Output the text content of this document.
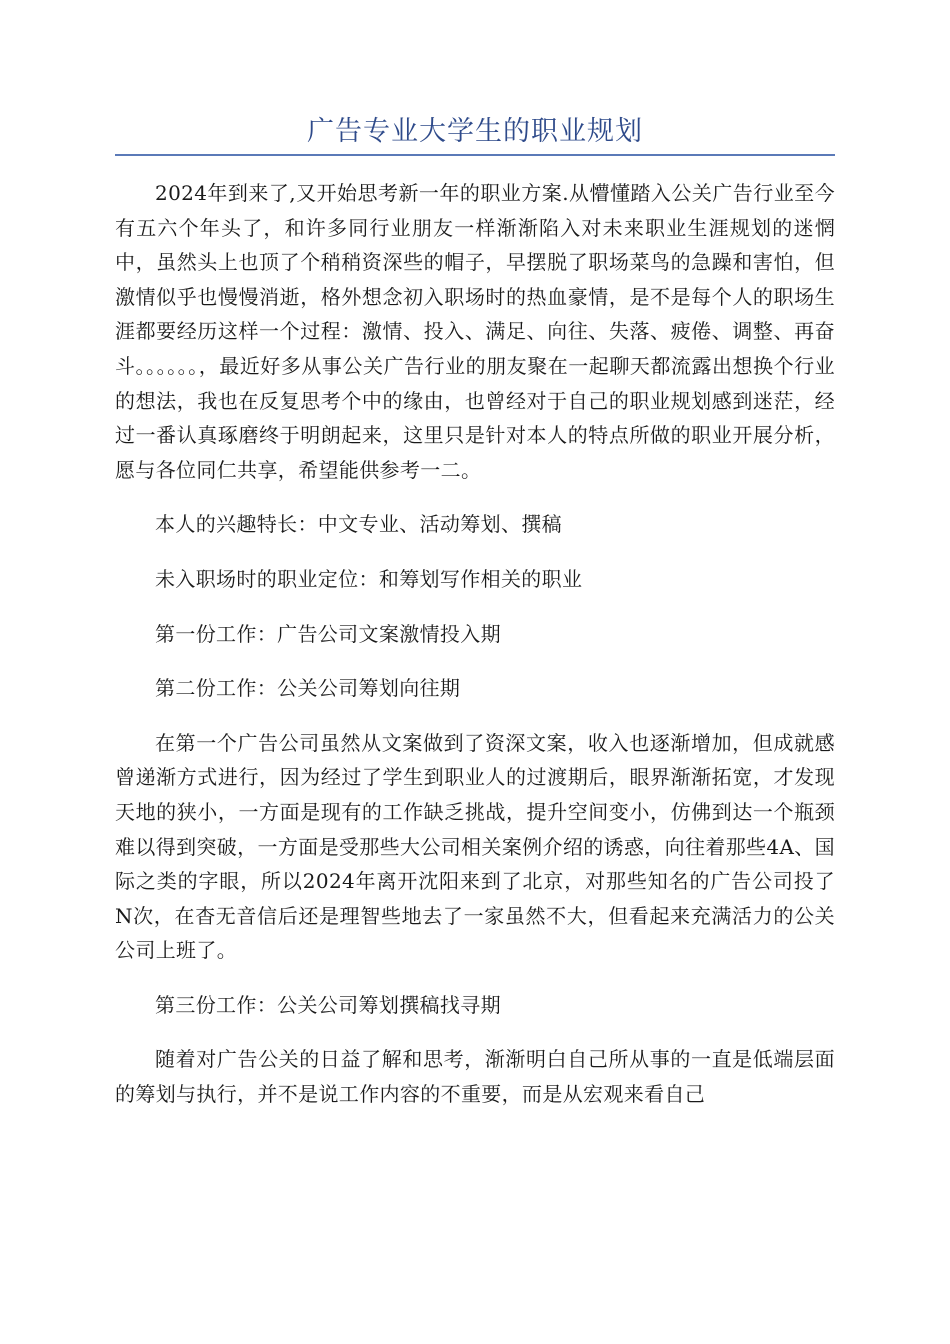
广告专业大学生的职业规划

2024年到来了,又开始思考新一年的职业方案.从懵懂踏入公关广告行业至今有五六个年头了，和许多同行业朋友一样渐渐陷入对未来职业生涯规划的迷惘中，虽然头上也顶了个稍稍资深些的帽子，早摆脱了职场菜鸟的急躁和害怕，但激情似乎也慢慢消逝，格外想念初入职场时的热血豪情，是不是每个人的职场生涯都要经历这样一个过程：激情、投入、满足、向往、失落、疲倦、调整、再奋斗。。。。。。，最近好多从事公关广告行业的朋友聚在一起聊天都流露出想换个行业的想法，我也在反复思考个中的缘由，也曾经对于自己的职业规划感到迷茫，经过一番认真琢磨终于明朗起来，这里只是针对本人的特点所做的职业开展分析，愿与各位同仁共享，希望能供参考一二。

本人的兴趣特长：中文专业、活动筹划、撰稿

未入职场时的职业定位：和筹划写作相关的职业

第一份工作：广告公司文案激情投入期

第二份工作：公关公司筹划向往期

在第一个广告公司虽然从文案做到了资深文案，收入也逐渐增加，但成就感曾递渐方式进行，因为经过了学生到职业人的过渡期后，眼界渐渐拓宽，才发现天地的狭小，一方面是现有的工作缺乏挑战，提升空间变小，仿佛到达一个瓶颈难以得到突破，一方面是受那些大公司相关案例介绍的诱惑，向往着那些4A、国际之类的字眼，所以2024年离开沈阳来到了北京，对那些知名的广告公司投了N次，在杳无音信后还是理智些地去了一家虽然不大，但看起来充满活力的公关公司上班了。

第三份工作：公关公司筹划撰稿找寻期

随着对广告公关的日益了解和思考，渐渐明白自己所从事的一直是低端层面的筹划与执行，并不是说工作内容的不重要，而是从宏观来看自己
